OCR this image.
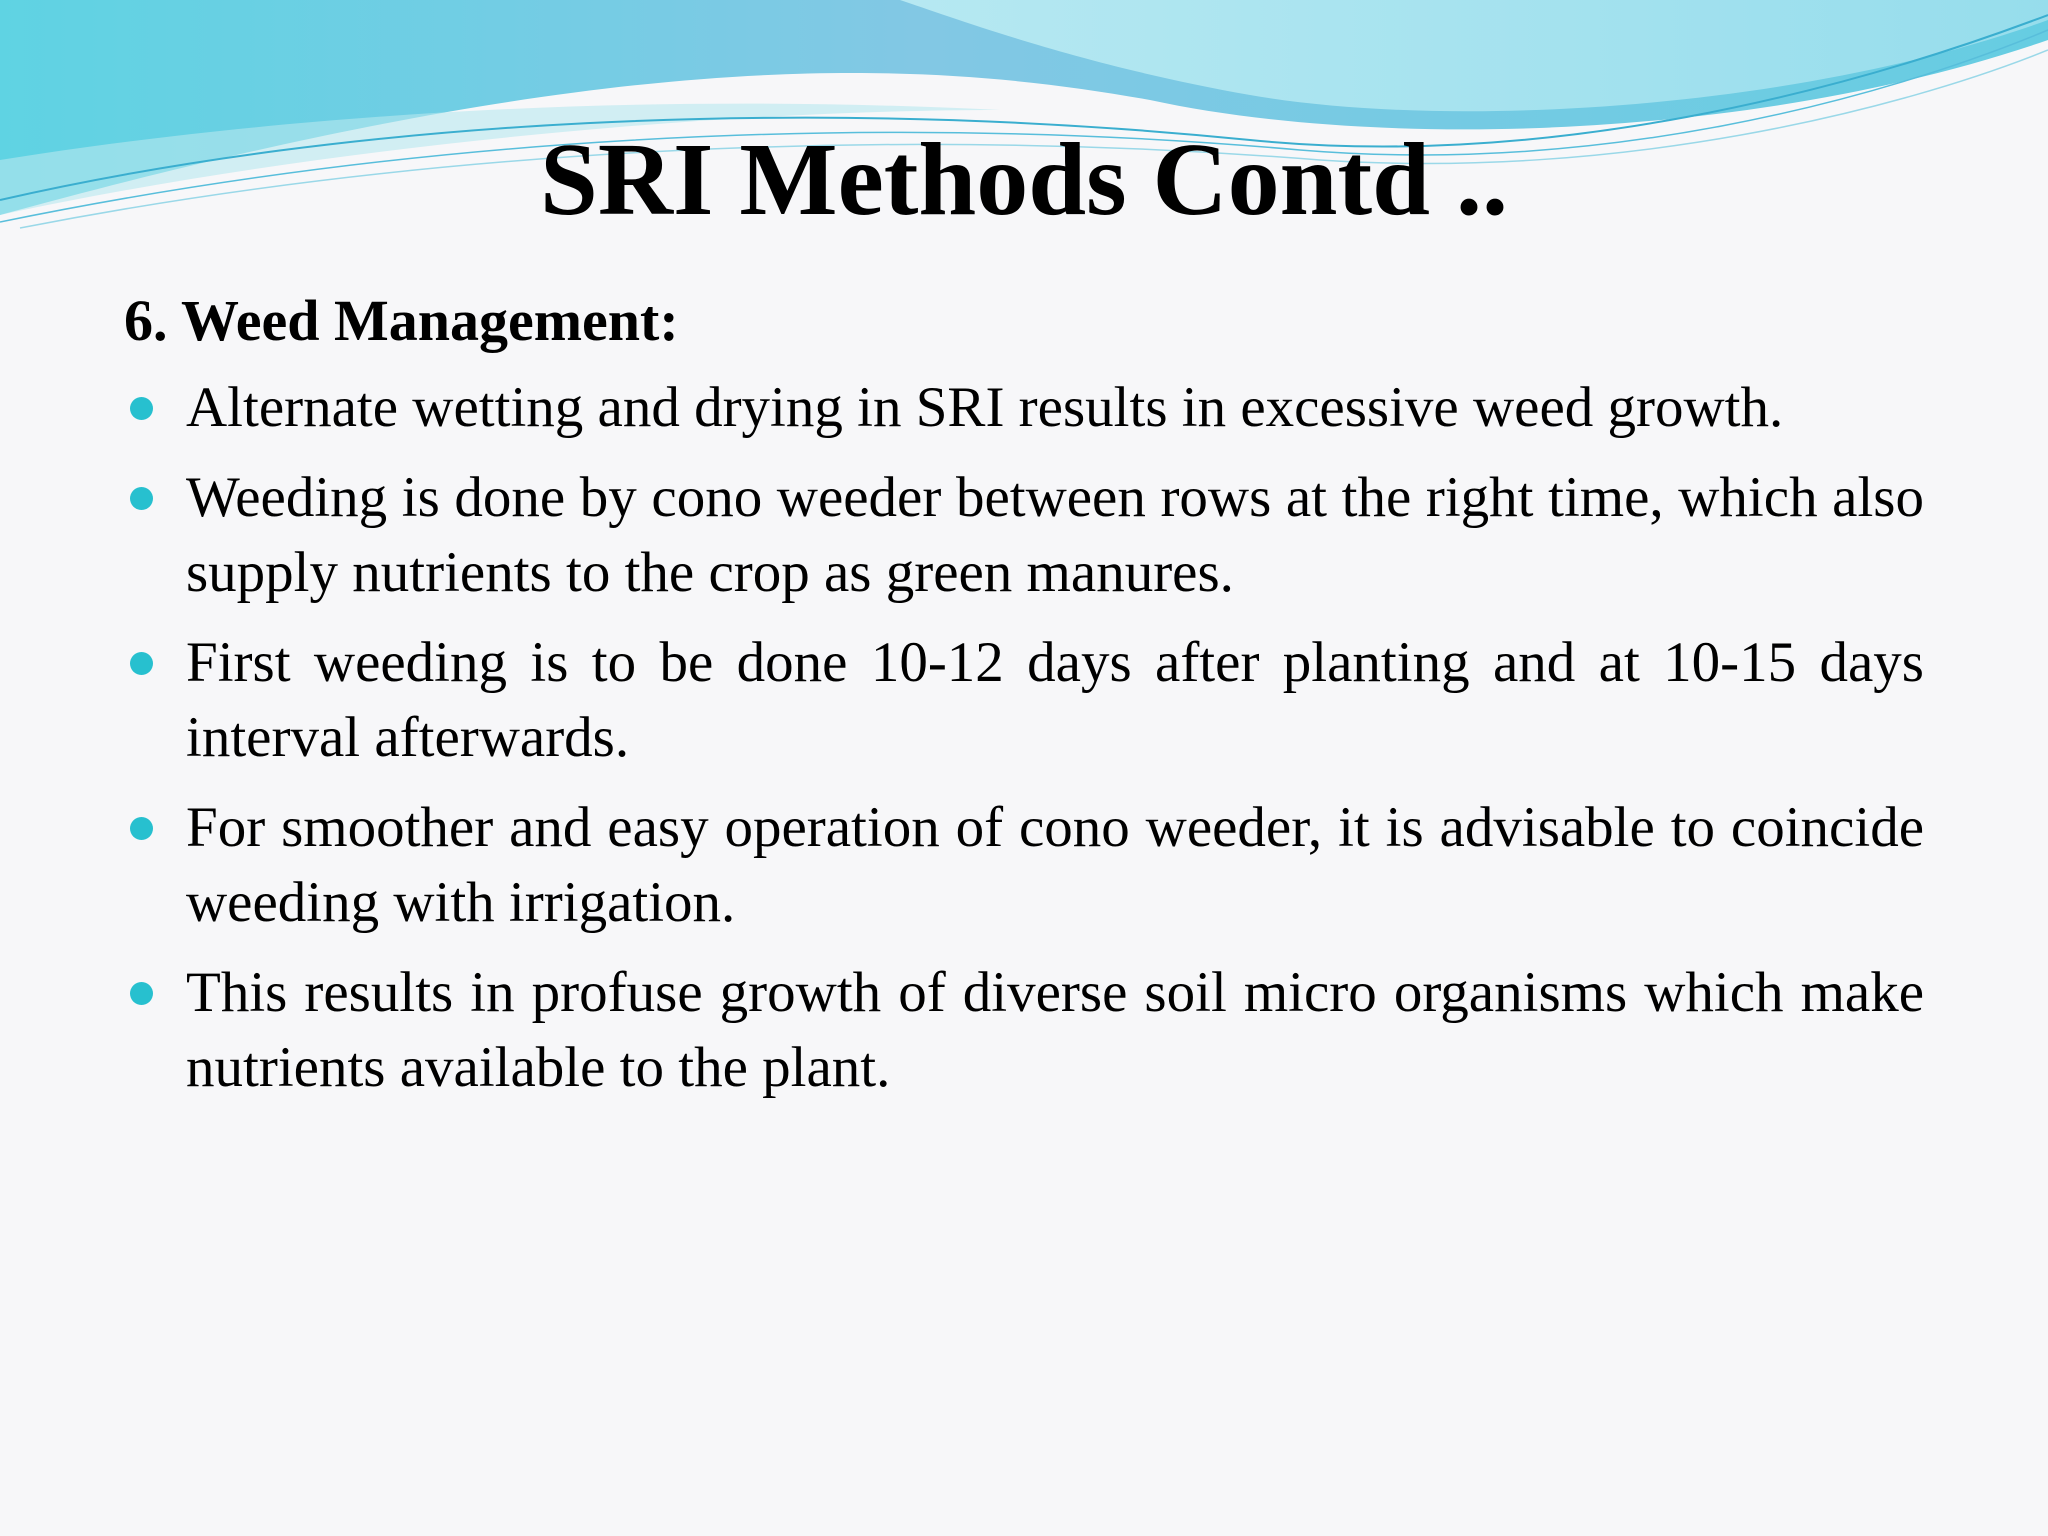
SRI Methods Contd ..
6. Weed Management:
Alternate wetting and drying in SRI results in excessive weed growth.
Weeding is done by cono weeder between rows at the right time, which also supply nutrients to the crop as green manures.
First weeding is to be done 10-12 days after planting and at 10-15 days interval afterwards.
For smoother and easy operation of cono weeder, it is advisable to coincide weeding with irrigation.
This results in profuse growth of diverse soil micro organisms which make nutrients available to the plant.
